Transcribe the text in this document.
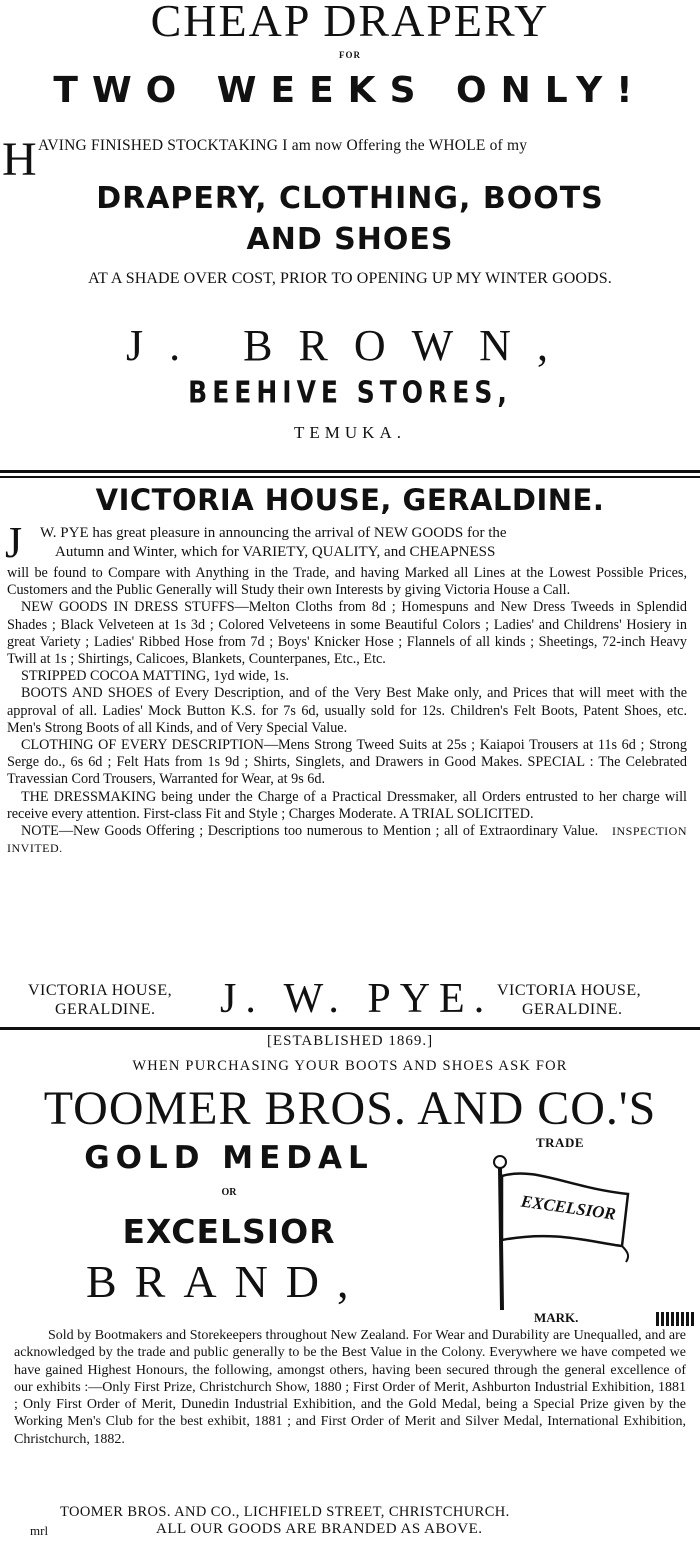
CHEAP DRAPERY
FOR
TWO WEEKS ONLY!
H AVING FINISHED STOCKTAKING I am now Offering the WHOLE of my
DRAPERY, CLOTHING, BOOTS
AND SHOES
AT A SHADE OVER COST, PRIOR TO OPENING UP MY WINTER GOODS.
J. BROWN,
BEEHIVE STORES,
TEMUKA.
VICTORIA HOUSE, GERALDINE.
J W. PYE has great pleasure in announcing the arrival of NEW GOODS for the
Autumn and Winter, which for VARIETY, QUALITY, and CHEAPNESS

will be found to Compare with Anything in the Trade, and having Marked all Lines at the Lowest Possible Prices, Customers and the Public Generally will Study their own Interests by giving Victoria House a Call.

NEW GOODS IN DRESS STUFFS—Melton Cloths from 8d ; Homespuns and New Dress Tweeds in Splendid Shades ; Black Velveteen at 1s 3d ; Colored Velveteens in some Beautiful Colors ; Ladies' and Childrens' Hosiery in great Variety ; Ladies' Ribbed Hose from 7d ; Boys' Knicker Hose ; Flannels of all kinds ; Sheetings, 72-inch Heavy Twill at 1s ; Shirtings, Calicoes, Blankets, Counterpanes, Etc., Etc.

STRIPPED COCOA MATTING, 1yd wide, 1s.

BOOTS AND SHOES of Every Description, and of the Very Best Make only, and Prices that will meet with the approval of all. Ladies' Mock Button K.S. for 7s 6d, usually sold for 12s. Children's Felt Boots, Patent Shoes, etc. Men's Strong Boots of all Kinds, and of Very Special Value.

CLOTHING OF EVERY DESCRIPTION—Mens Strong Tweed Suits at 25s ; Kaiapoi Trousers at 11s 6d ; Strong Serge do., 6s 6d ; Felt Hats from 1s 9d ; Shirts, Singlets, and Drawers in Good Makes. SPECIAL : The Celebrated Travessian Cord Trousers, Warranted for Wear, at 9s 6d.

THE DRESSMAKING being under the Charge of a Practical Dressmaker, all Orders entrusted to her charge will receive every attention. First-class Fit and Style ; Charges Moderate. A TRIAL SOLICITED.

NOTE—New Goods Offering ; Descriptions too numerous to Mention ; all of Extraordinary Value. INSPECTION INVITED.

VICTORIA HOUSE,
GERALDINE. J. W. PYE. VICTORIA HOUSE,
GERALDINE.
[ESTABLISHED 1869.]
WHEN PURCHASING YOUR BOOTS AND SHOES ASK FOR
TOOMER BROS. AND CO.'S
GOLD MEDAL
OR
EXCELSIOR
BRAND,
TRADE
EXCELSIOR
MARK.
Sold by Bootmakers and Storekeepers throughout New Zealand. For Wear and Durability are Unequalled, and are acknowledged by the trade and public generally to be the Best Value in the Colony. Everywhere we have competed we have gained Highest Honours, the following, amongst others, having been secured through the general excellence of our exhibits :—Only First Prize, Christchurch Show, 1880 ; First Order of Merit, Ashburton Industrial Exhibition, 1881 ; Only First Order of Merit, Dunedin Industrial Exhibition, and the Gold Medal, being a Special Prize given by the Working Men's Club for the best exhibit, 1881 ; and First Order of Merit and Silver Medal, International Exhibition, Christchurch, 1882.
TOOMER BROS. AND CO., LICHFIELD STREET, CHRISTCHURCH.
mrl	ALL OUR GOODS ARE BRANDED AS ABOVE.
